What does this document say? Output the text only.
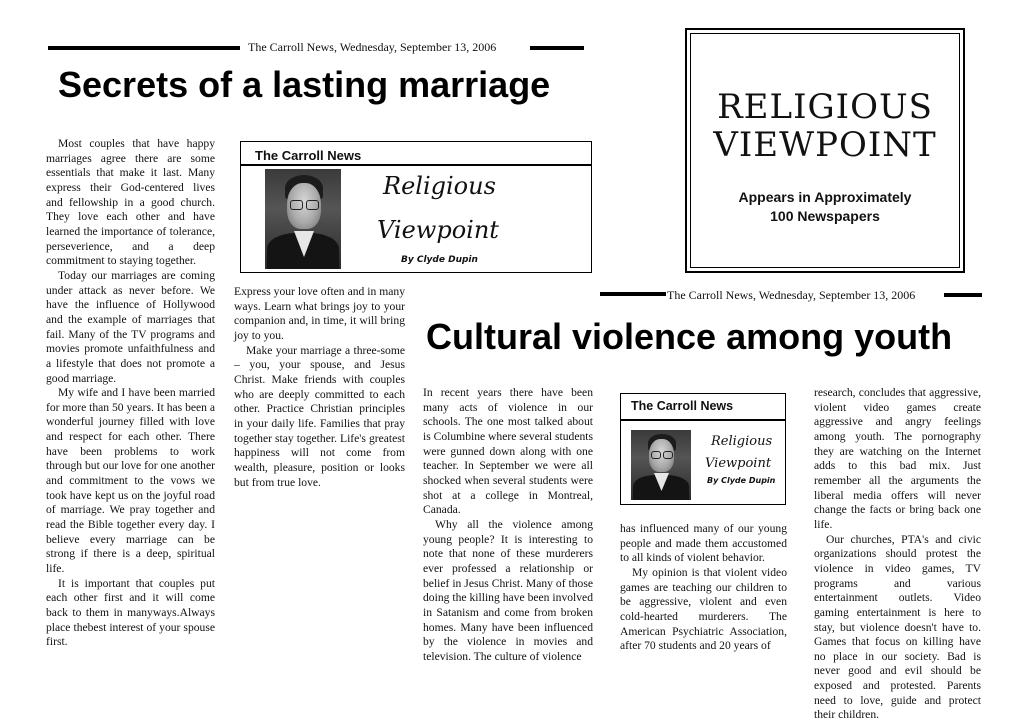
The Carroll News, Wednesday, September 13, 2006
Secrets of a lasting marriage

Most couples that have happy marriages agree there are some essentials that make it last. Many express their God-centered lives and fellowship in a good church. They love each other and have learned the importance of tolerance, perseverience, and a deep commitment to staying together.

Today our marriages are coming under attack as never before. We have the influence of Hollywood and the example of marriages that fail. Many of the TV programs and movies promote unfaithfulness and a lifestyle that does not promote a good marriage.

My wife and I have been married for more than 50 years. It has been a wonderful journey filled with love and respect for each other. There have been problems to work through but our love for one another and commitment to the vows we took have kept us on the joyful road of marriage. We pray together and read the Bible together every day. I believe every marriage can be strong if there is a deep, spiritual life.

It is important that couples put each other first and it will come back to them in manyways.Always place thebest interest of your spouse first.

The Carroll News
Religious
Viewpoint
By Clyde Dupin

Express your love often and in many ways. Learn what brings joy to your companion and, in time, it will bring joy to you.

Make your marriage a three-some – you, your spouse, and Jesus Christ. Make friends with couples who are deeply committed to each other. Practice Christian principles in your daily life. Families that pray together stay together. Life's greatest happiness will not come from wealth, pleasure, position or looks but from true love.

RELIGIOUS
VIEWPOINT
Appears in Approximately
100 Newspapers
The Carroll News, Wednesday, September 13, 2006
Cultural violence among youth

In recent years there have been many acts of violence in our schools. The one most talked about is Columbine where several students were gunned down along with one teacher. In September we were all shocked when several students were shot at a college in Montreal, Canada.

Why all the violence among young people? It is interesting to note that none of these murderers ever professed a relationship or belief in Jesus Christ. Many of those doing the killing have been involved in Satanism and come from broken homes. Many have been influenced by the violence in movies and television. The culture of violence

The Carroll News
Religious
Viewpoint
By Clyde Dupin

has influenced many of our young people and made them accustomed to all kinds of violent behavior.

My opinion is that violent video games are teaching our children to be aggressive, violent and even cold-hearted murderers. The American Psychiatric Association, after 70 students and 20 years of

research, concludes that aggressive, violent video games create aggressive and angry feelings among youth. The pornography they are watching on the Internet adds to this bad mix. Just remember all the arguments the liberal media offers will never change the facts or bring back one life.

Our churches, PTA's and civic organizations should protest the violence in video games, TV programs and various entertainment outlets. Video gaming entertainment is here to stay, but violence doesn't have to. Games that focus on killing have no place in our society. Bad is never good and evil should be exposed and protested. Parents need to love, guide and protect their children.
